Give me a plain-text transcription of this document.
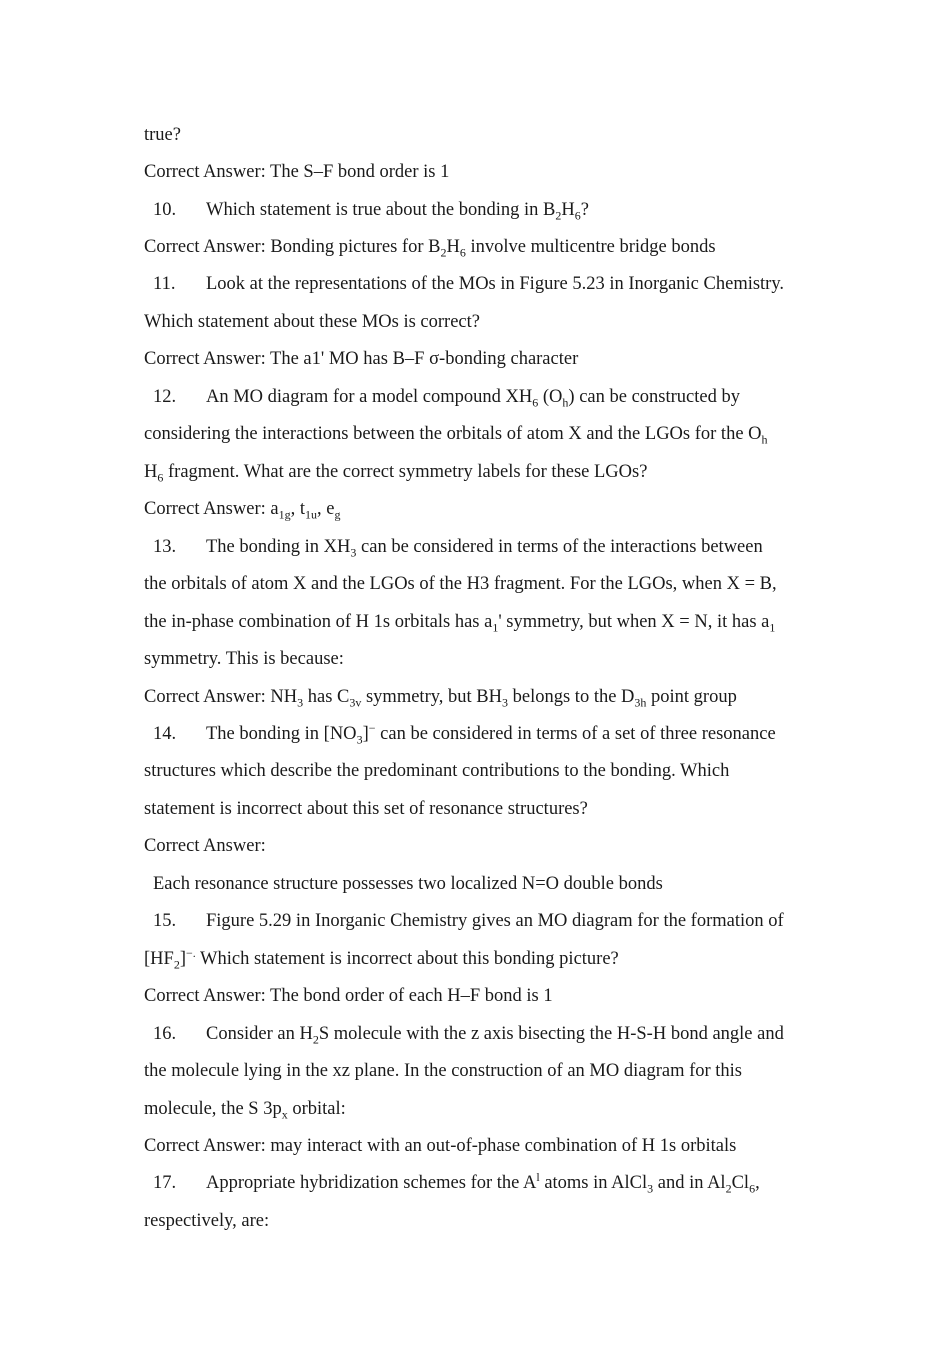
true?
Correct Answer: The S–F bond order is 1
10. Which statement is true about the bonding in $B_2H_6$?
Correct Answer: Bonding pictures for $B_2H_6$ involve multicentre bridge bonds
11. Look at the representations of the MOs in Figure 5.23 in Inorganic Chemistry.
Which statement about these MOs is correct?
Correct Answer: The a1' MO has B–F σ-bonding character
12. An MO diagram for a model compound $XH_6$ $(O_h)$ can be constructed by
considering the interactions between the orbitals of atom X and the LGOs for the $O_h$
$H_6$ fragment. What are the correct symmetry labels for these LGOs?
Correct Answer: $a_{1g}$, $t_{1u}$, $e_g$
13. The bonding in $XH_3$ can be considered in terms of the interactions between
the orbitals of atom X and the LGOs of the H3 fragment. For the LGOs, when X = B,
the in-phase combination of H 1s orbitals has $a_1'$ symmetry, but when X = N, it has $a_1$
symmetry. This is because:
Correct Answer: $NH_3$ has $C_{3v}$ symmetry, but $BH_3$ belongs to the $D_{3h}$ point group
14. The bonding in $[NO_3]^-$ can be considered in terms of a set of three resonance
structures which describe the predominant contributions to the bonding. Which
statement is incorrect about this set of resonance structures?
Correct Answer:
Each resonance structure possesses two localized N=O double bonds
15. Figure 5.29 in Inorganic Chemistry gives an MO diagram for the formation of
$[HF_2]^{-.}$ Which statement is incorrect about this bonding picture?
Correct Answer: The bond order of each H–F bond is 1
16. Consider an $H_2S$ molecule with the z axis bisecting the H-S-H bond angle and
the molecule lying in the xz plane. In the construction of an MO diagram for this
molecule, the S $3p_x$ orbital:
Correct Answer: may interact with an out-of-phase combination of H 1s orbitals
17. Appropriate hybridization schemes for the $A^l$ atoms in AlCl$_3$ and in $Al_2Cl_6$,
respectively, are:
